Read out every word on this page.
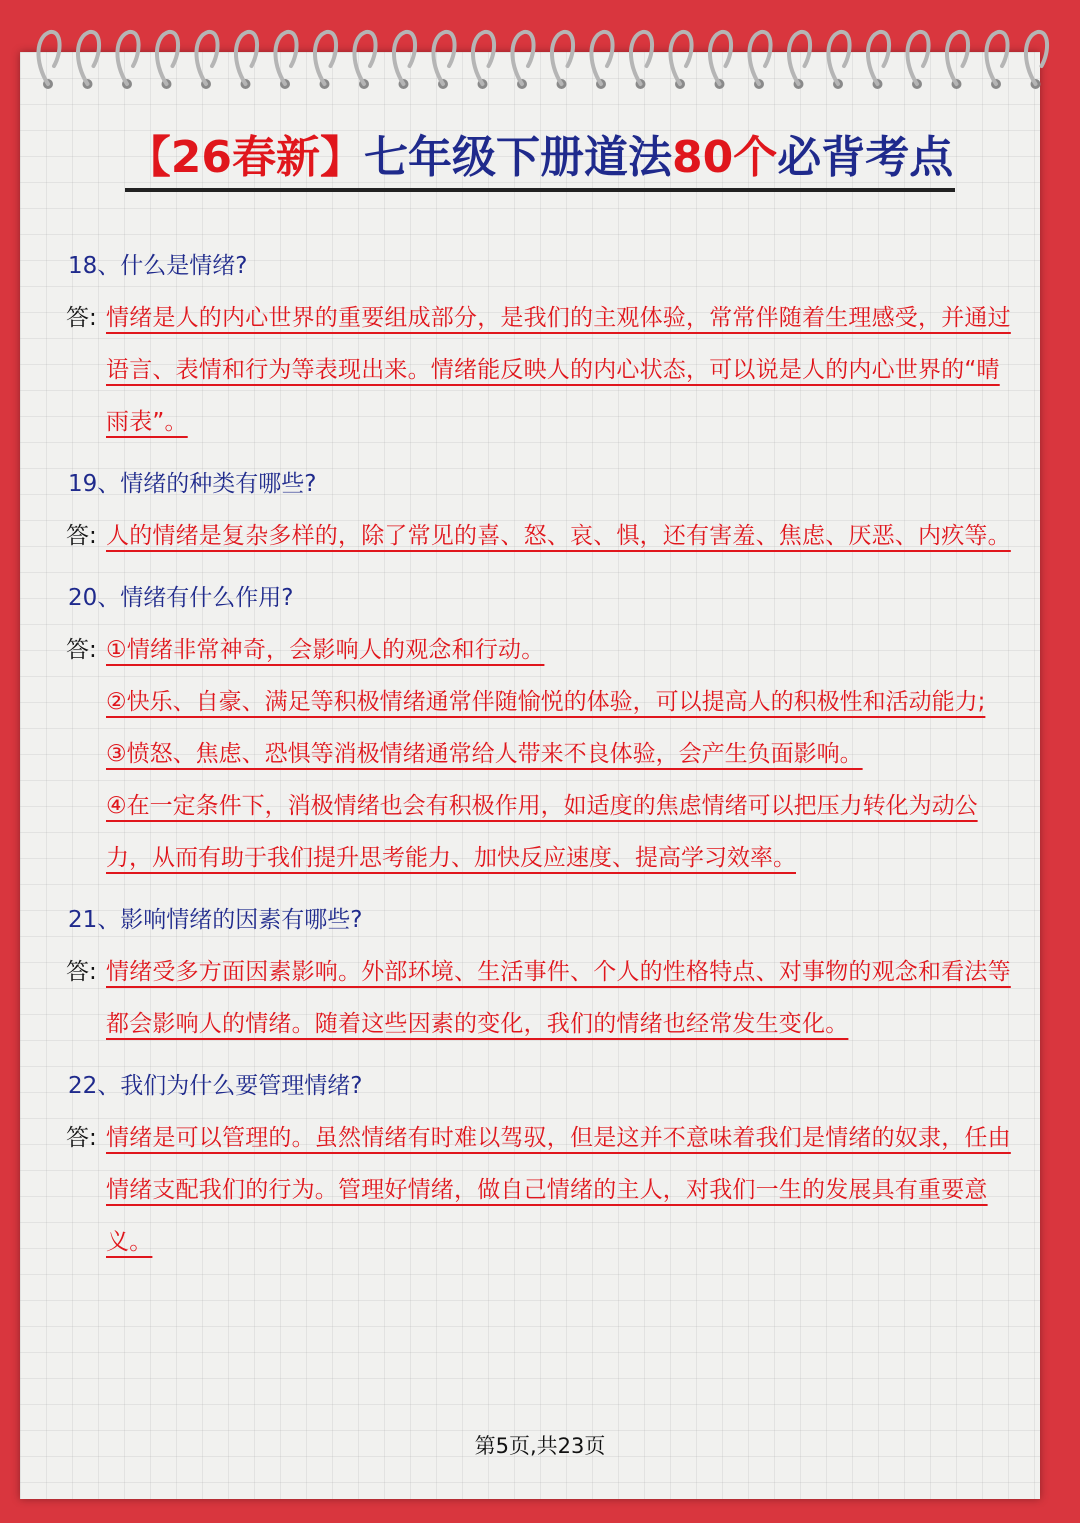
【26春新】七年级下册道法80个必背考点
18、什么是情绪?
答: 情绪是人的内心世界的重要组成部分，是我们的主观体验，常常伴随着生理感受，并通过语言、表情和行为等表现出来。情绪能反映人的内心状态，可以说是人的内心世界的“晴雨表”。
19、情绪的种类有哪些?
答: 人的情绪是复杂多样的，除了常见的喜、怒、哀、惧，还有害羞、焦虑、厌恶、内疚等。
20、情绪有什么作用?
答: ①情绪非常神奇，会影响人的观念和行动。
②快乐、自豪、满足等积极情绪通常伴随愉悦的体验，可以提高人的积极性和活动能力;
③愤怒、焦虑、恐惧等消极情绪通常给人带来不良体验，会产生负面影响。
④在一定条件下，消极情绪也会有积极作用，如适度的焦虑情绪可以把压力转化为动公力，从而有助于我们提升思考能力、加快反应速度、提高学习效率。
21、影响情绪的因素有哪些?
答: 情绪受多方面因素影响。外部环境、生活事件、个人的性格特点、对事物的观念和看法等都会影响人的情绪。随着这些因素的变化，我们的情绪也经常发生变化。
22、我们为什么要管理情绪?
答: 情绪是可以管理的。虽然情绪有时难以驾驭，但是这并不意味着我们是情绪的奴隶，任由情绪支配我们的行为。管理好情绪，做自己情绪的主人，对我们一生的发展具有重要意义。
第5页,共23页
